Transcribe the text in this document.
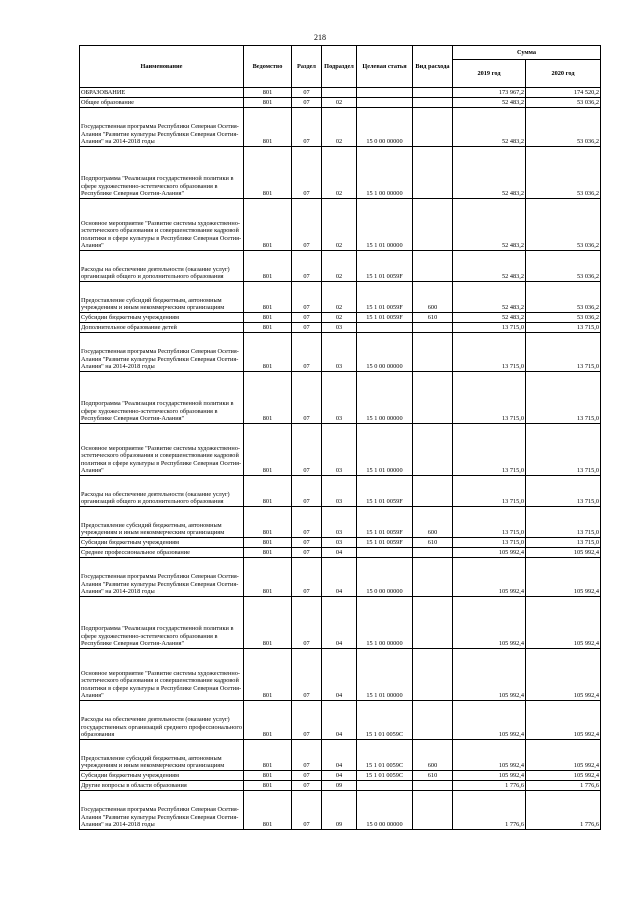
218
Наименование	Ведомство	Раздел	Подраздел	Целевая статья	Вид расхода	Сумма	
						2019 год	2020 год
ОБРАЗОВАНИЕ	801	07				173 967,2	174 520,2
Общее образование	801	07	02			52 483,2	53 036,2
Государственная программа Республики Северная Осетия-Алания "Развитие культуры Республики Северная Осетия-Алания" на 2014-2018 годы	801	07	02	15 0 00 00000		52 483,2	53 036,2
Подпрограмма "Реализация государственной политики в сфере художественно-эстетического образования в Республике Северная Осетия-Алания"	801	07	02	15 1 00 00000		52 483,2	53 036,2
Основное мероприятие "Развитие системы художественно-эстетического образования и совершенствование кадровой политики в сфере культуры в Республике Северная Осетия-Алания"	801	07	02	15 1 01 00000		52 483,2	53 036,2
Расходы на обеспечение деятельности (оказание услуг) организаций общего и дополнительного образования	801	07	02	15 1 01 0059F		52 483,2	53 036,2
Предоставление субсидий бюджетным, автономным учреждениям и иным некоммерческим организациям	801	07	02	15 1 01 0059F	600	52 483,2	53 036,2
Субсидии бюджетным учреждениям	801	07	02	15 1 01 0059F	610	52 483,2	53 036,2
Дополнительное образование детей	801	07	03			13 715,0	13 715,0
Государственная программа Республики Северная Осетия-Алания "Развитие культуры Республики Северная Осетия-Алания" на 2014-2018 годы	801	07	03	15 0 00 00000		13 715,0	13 715,0
Подпрограмма "Реализация государственной политики в сфере художественно-эстетического образования в Республике Северная Осетия-Алания"	801	07	03	15 1 00 00000		13 715,0	13 715,0
Основное мероприятие "Развитие системы художественно-эстетического образования и совершенствование кадровой политики в сфере культуры в Республике Северная Осетия-Алания"	801	07	03	15 1 01 00000		13 715,0	13 715,0
Расходы на обеспечение деятельности (оказание услуг) организаций общего и дополнительного образования	801	07	03	15 1 01 0059F		13 715,0	13 715,0
Предоставление субсидий бюджетным, автономным учреждениям и иным некоммерческим организациям	801	07	03	15 1 01 0059F	600	13 715,0	13 715,0
Субсидии бюджетным учреждениям	801	07	03	15 1 01 0059F	610	13 715,0	13 715,0
Среднее профессиональное образование	801	07	04			105 992,4	105 992,4
Государственная программа Республики Северная Осетия-Алания "Развитие культуры Республики Северная Осетия-Алания" на 2014-2018 годы	801	07	04	15 0 00 00000		105 992,4	105 992,4
Подпрограмма "Реализация государственной политики в сфере художественно-эстетического образования в Республике Северная Осетия-Алания"	801	07	04	15 1 00 00000		105 992,4	105 992,4
Основное мероприятие "Развитие системы художественно-эстетического образования и совершенствование кадровой политики в сфере культуры в Республике Северная Осетия-Алания"	801	07	04	15 1 01 00000		105 992,4	105 992,4
Расходы на обеспечение деятельности (оказание услуг) государственных организаций среднего профессионального образования	801	07	04	15 1 01 0059C		105 992,4	105 992,4
Предоставление субсидий бюджетным, автономным учреждениям и иным некоммерческим организациям	801	07	04	15 1 01 0059C	600	105 992,4	105 992,4
Субсидии бюджетным учреждениям	801	07	04	15 1 01 0059C	610	105 992,4	105 992,4
Другие вопросы в области образования	801	07	09			1 776,6	1 776,6
Государственная программа Республики Северная Осетия-Алания "Развитие культуры Республики Северная Осетия-Алания" на 2014-2018 годы	801	07	09	15 0 00 00000		1 776,6	1 776,6
